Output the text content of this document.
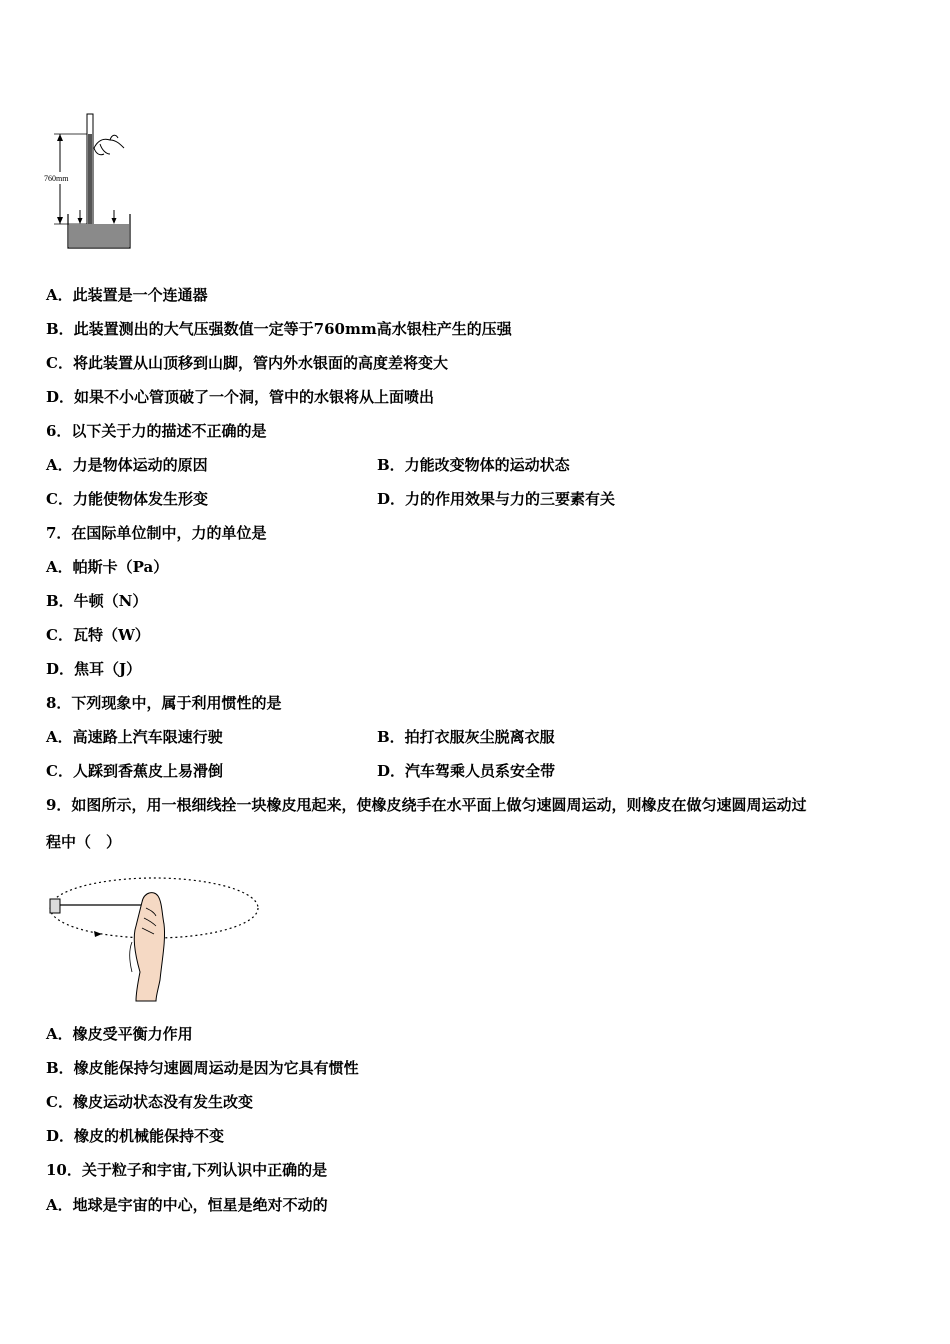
760mm
A．此装置是一个连通器
B．此装置测出的大气压强数值一定等于760mm高水银柱产生的压强
C．将此装置从山顶移到山脚，管内外水银面的高度差将变大
D．如果不小心管顶破了一个洞，管中的水银将从上面喷出
6．以下关于力的描述不正确的是
A．力是物体运动的原因	B．力能改变物体的运动状态
C．力能使物体发生形变	D．力的作用效果与力的三要素有关
7．在国际单位制中，力的单位是
A．帕斯卡（Pa）
B．牛顿（N）
C．瓦特（W）
D．焦耳（J）
8．下列现象中，属于利用惯性的是
A．高速路上汽车限速行驶	B．拍打衣服灰尘脱离衣服
C．人踩到香蕉皮上易滑倒	D．汽车驾乘人员系安全带
9．如图所示，用一根细线拴一块橡皮甩起来，使橡皮绕手在水平面上做匀速圆周运动，则橡皮在做匀速圆周运动过
程中（　）
A．橡皮受平衡力作用
B．橡皮能保持匀速圆周运动是因为它具有惯性
C．橡皮运动状态没有发生改变
D．橡皮的机械能保持不变
10．关于粒子和宇宙,下列认识中正确的是
A．地球是宇宙的中心，恒星是绝对不动的
